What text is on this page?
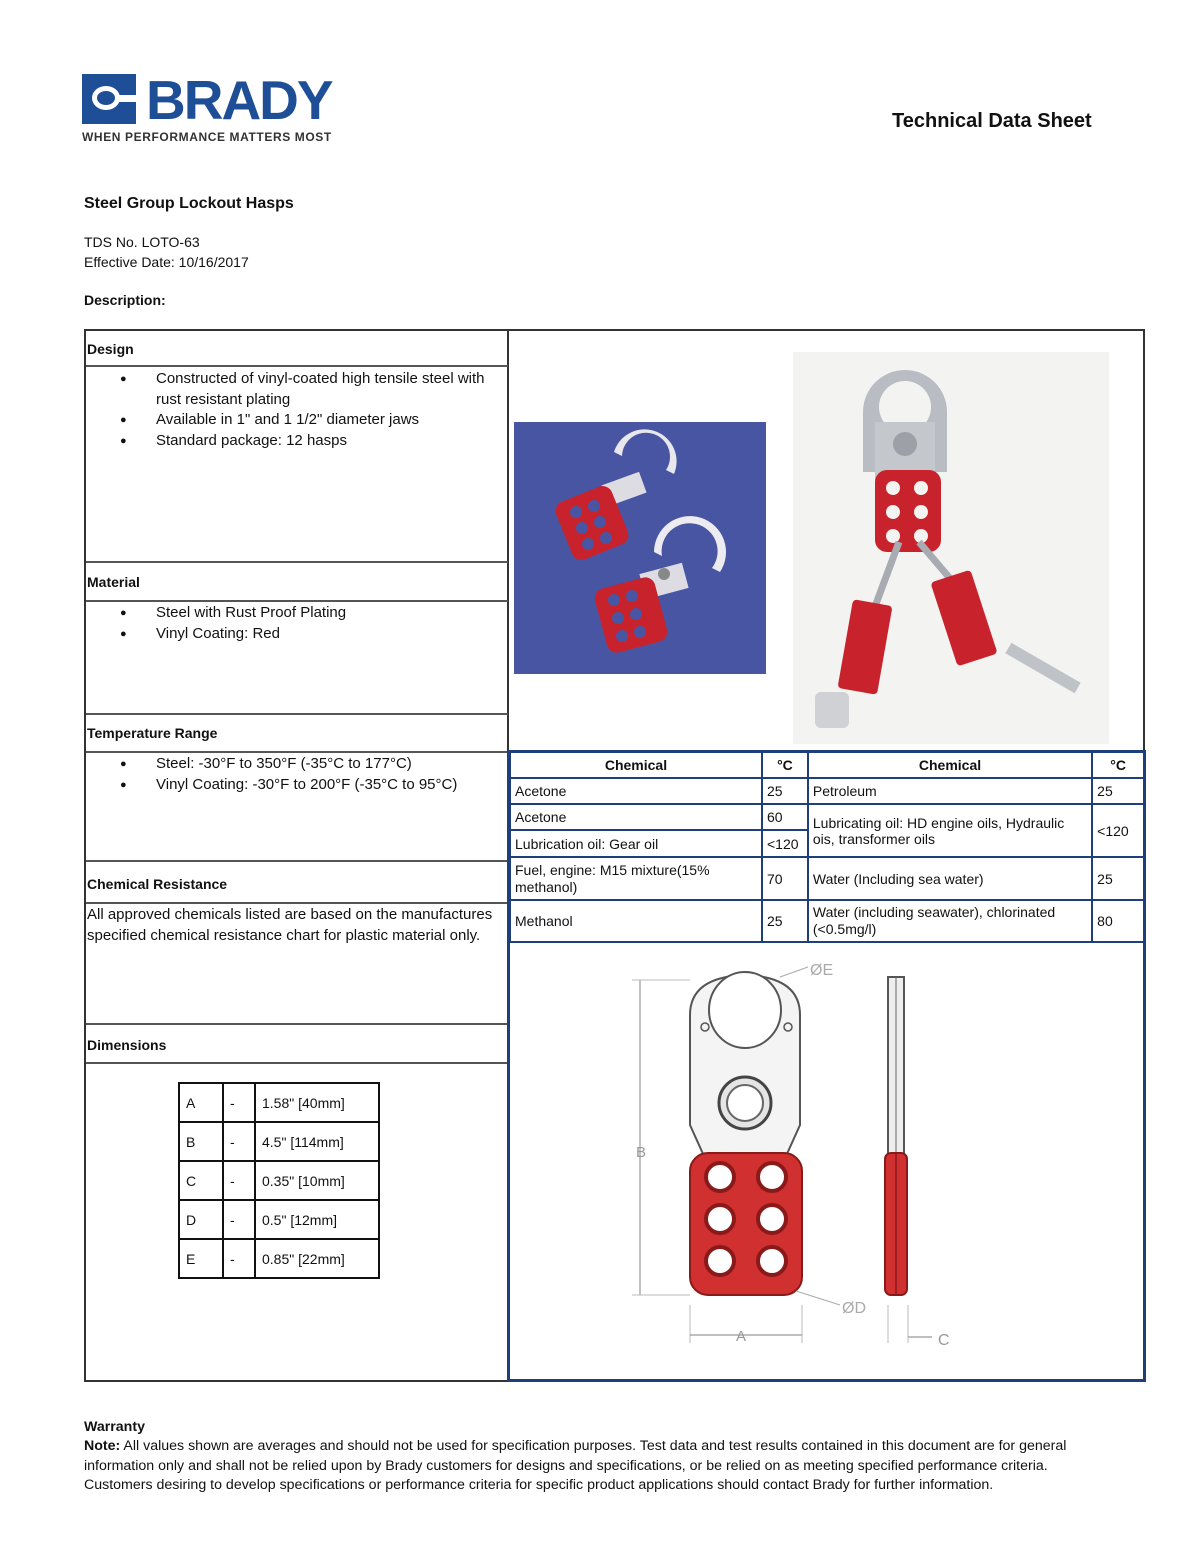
BRADY
WHEN PERFORMANCE MATTERS MOST
Technical Data Sheet
Steel Group Lockout Hasps
TDS No. LOTO-63
Effective Date: 10/16/2017
Description:
Design
● Constructed of vinyl-coated high tensile steel with rust resistant plating
● Available in 1" and 1 1/2" diameter jaws
● Standard package: 12 hasps
Material
● Steel with Rust Proof Plating
● Vinyl Coating: Red
Temperature Range
● Steel: -30°F to 350°F (-35°C to 177°C)
● Vinyl Coating: -30°F to 200°F (-35°C to 95°C)
Chemical Resistance
All approved chemicals listed are based on the manufactures specified chemical resistance chart for plastic material only.
Dimensions
A	-	1.58" [40mm]
B	-	4.5" [114mm]
C	-	0.35" [10mm]
D	-	0.5" [12mm]
E	-	0.85" [22mm]
Chemical	°C	Chemical	°C
Acetone	25	Petroleum	25
Acetone	60	Lubricating oil: HD engine oils, Hydraulic ois, transformer oils	<120
Lubrication oil: Gear oil	<120		
Fuel, engine: M15 mixture(15% methanol)	70	Water (Including sea water)	25
Methanol	25	Water (including seawater), chlorinated (<0.5mg/l)	80
B
A
ØE
ØD
C
Warranty
Note: All values shown are averages and should not be used for specification purposes. Test data and test results contained in this document are for general information only and shall not be relied upon by Brady customers for designs and specifications, or be relied on as meeting specified performance criteria. Customers desiring to develop specifications or performance criteria for specific product applications should contact Brady for further information.
